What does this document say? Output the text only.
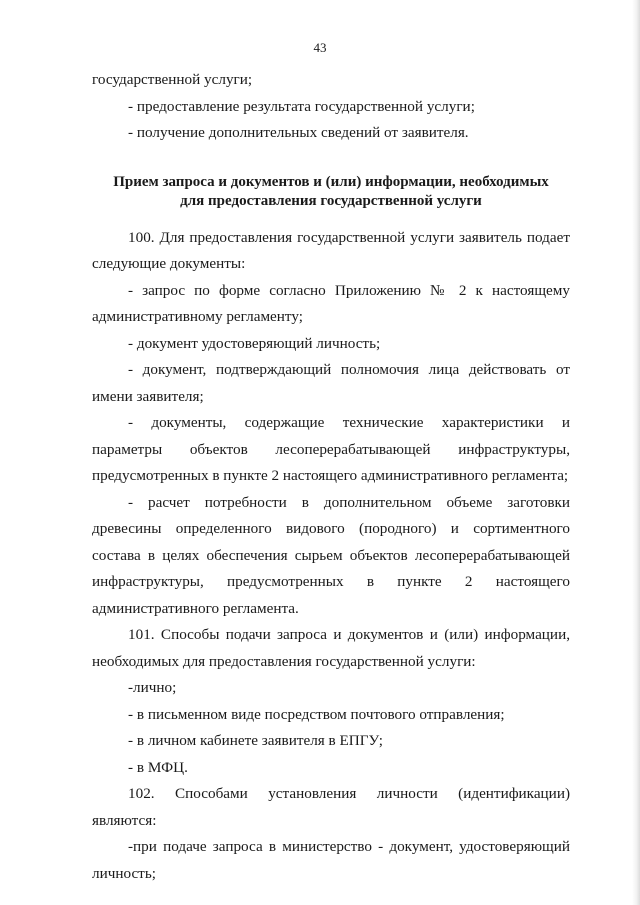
43

государственной услуги;

- предоставление результата государственной услуги;

- получение дополнительных сведений от заявителя.

Прием запроса и документов и (или) информации, необходимых
для предоставления государственной услуги

100. Для предоставления государственной услуги заявитель подает следующие документы:

- запрос по форме согласно Приложению № 2 к настоящему административному регламенту;

- документ удостоверяющий личность;

- документ, подтверждающий полномочия лица действовать от имени заявителя;

- документы, содержащие технические характеристики и параметры объектов лесоперерабатывающей инфраструктуры, предусмотренных в пункте 2 настоящего административного регламента;

- расчет потребности в дополнительном объеме заготовки древесины определенного видового (породного) и сортиментного состава в целях обеспечения сырьем объектов лесоперерабатывающей инфраструктуры, предусмотренных в пункте 2 настоящего административного регламента.

101. Способы подачи запроса и документов и (или) информации, необходимых для предоставления государственной услуги:

-лично;

- в письменном виде посредством почтового отправления;

- в личном кабинете заявителя в ЕПГУ;

- в МФЦ.

102. Способами установления личности (идентификации) являются:

-при подаче запроса в министерство - документ, удостоверяющий личность;
